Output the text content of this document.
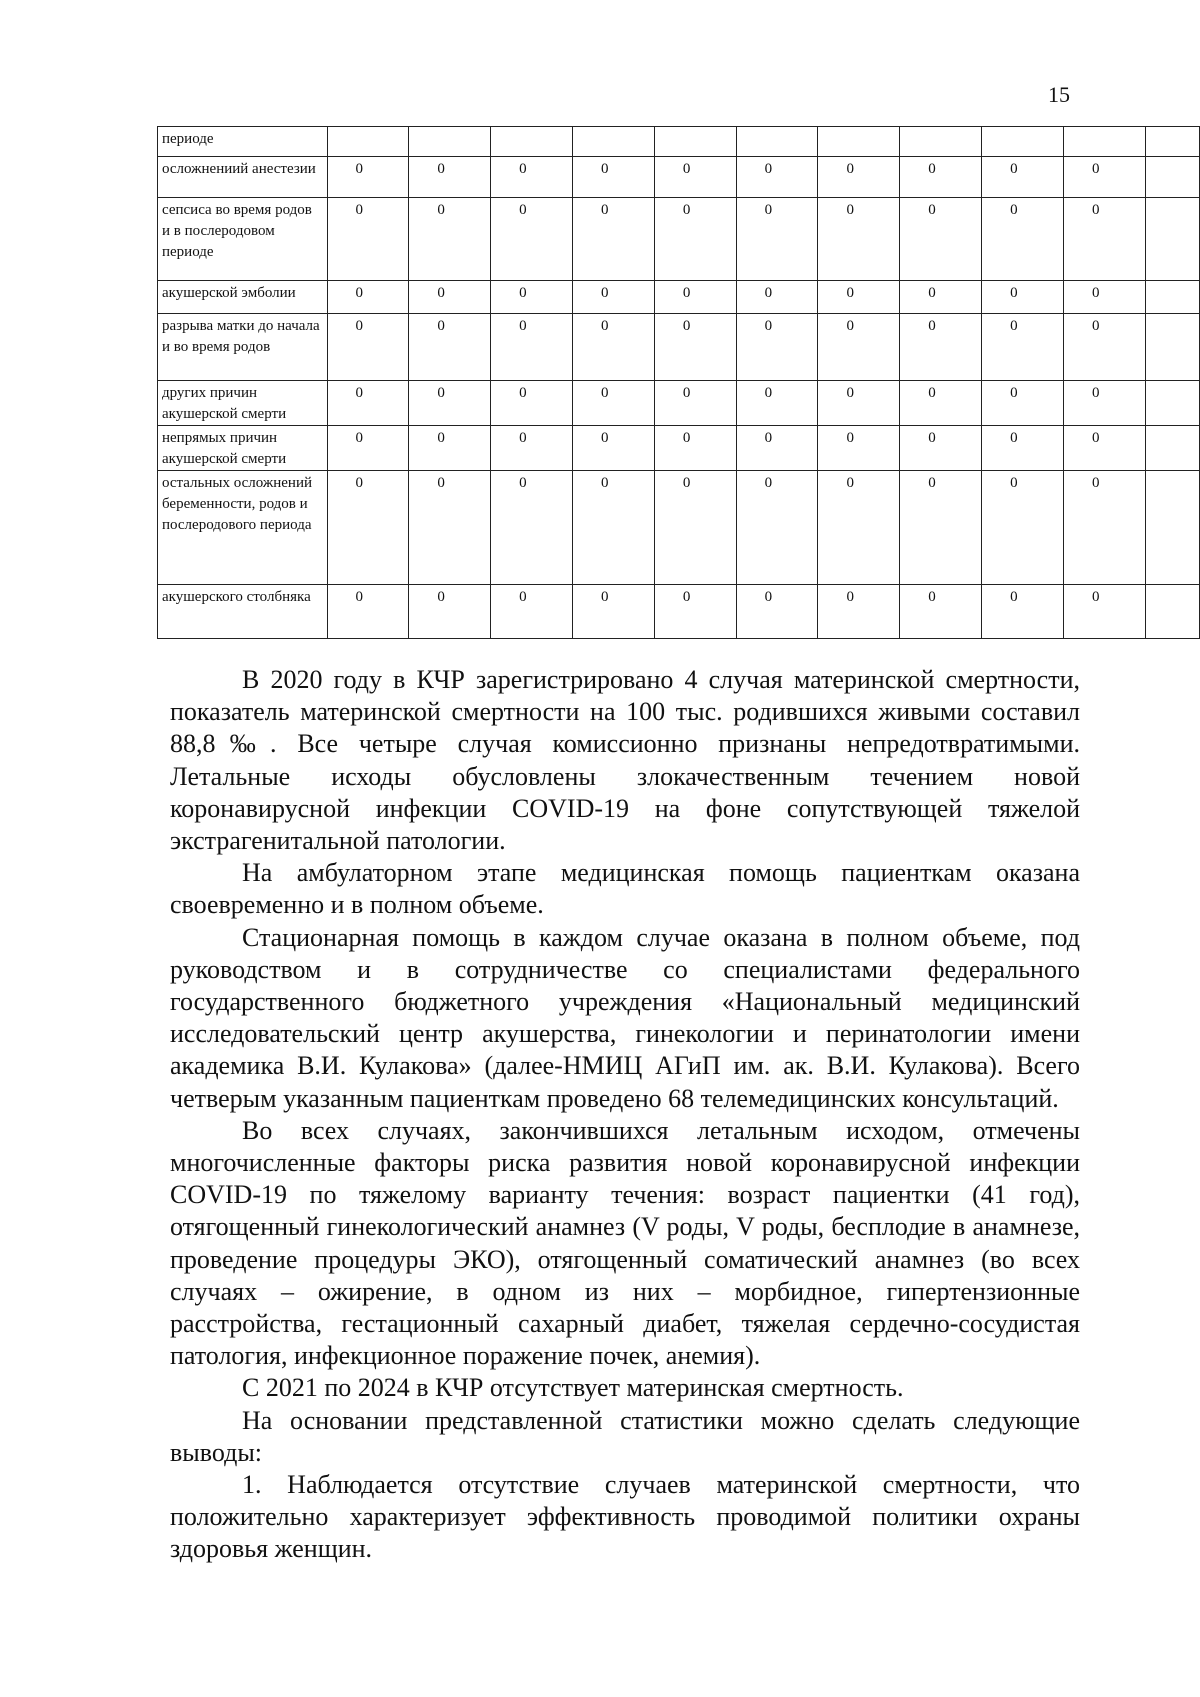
15
периоде											
осложнениий анестезии	0	0	0	0	0	0	0	0	0	0	
сепсиса во время родов и в послеродовом периоде	0	0	0	0	0	0	0	0	0	0	
акушерской эмболии	0	0	0	0	0	0	0	0	0	0	
разрыва матки до начала и во время родов	0	0	0	0	0	0	0	0	0	0	
других причин акушерской смерти	0	0	0	0	0	0	0	0	0	0	
непрямых причин акушерской смерти	0	0	0	0	0	0	0	0	0	0	
остальных осложнений беременности, родов и послеродового периода	0	0	0	0	0	0	0	0	0	0	
акушерского столбняка	0	0	0	0	0	0	0	0	0	0	

В 2020 году в КЧР зарегистрировано 4 случая материнской смертности, показатель материнской смертности на 100 тыс. родившихся живыми составил 88,8‰. Все четыре случая комиссионно признаны непредотвратимыми. Летальные исходы обусловлены злокачественным течением новой коронавирусной инфекции COVID-19 на фоне сопутствующей тяжелой экстрагенитальной патологии.

На амбулаторном этапе медицинская помощь пациенткам оказана своевременно и в полном объеме.

Стационарная помощь в каждом случае оказана в полном объеме, под руководством и в сотрудничестве со специалистами федерального государственного бюджетного учреждения «Национальный медицинский исследовательский центр акушерства, гинекологии и перинатологии имени академика В.И. Кулакова» (далее-НМИЦ АГиП им. ак. В.И. Кулакова). Всего четверым указанным пациенткам проведено 68 телемедицинских консультаций.

Во всех случаях, закончившихся летальным исходом, отмечены многочисленные факторы риска развития новой коронавирусной инфекции COVID-19 по тяжелому варианту течения: возраст пациентки (41 год), отягощенный гинекологический анамнез (V роды, V роды, бесплодие в анамнезе, проведение процедуры ЭКО), отягощенный соматический анамнез (во всех случаях – ожирение, в одном из них – морбидное, гипертензионные расстройства, гестационный сахарный диабет, тяжелая сердечно-сосудистая патология, инфекционное поражение почек, анемия).

С 2021 по 2024 в КЧР отсутствует материнская смертность.

На основании представленной статистики можно сделать следующие выводы:

1. Наблюдается отсутствие случаев материнской смертности, что положительно характеризует эффективность проводимой политики охраны здоровья женщин.
